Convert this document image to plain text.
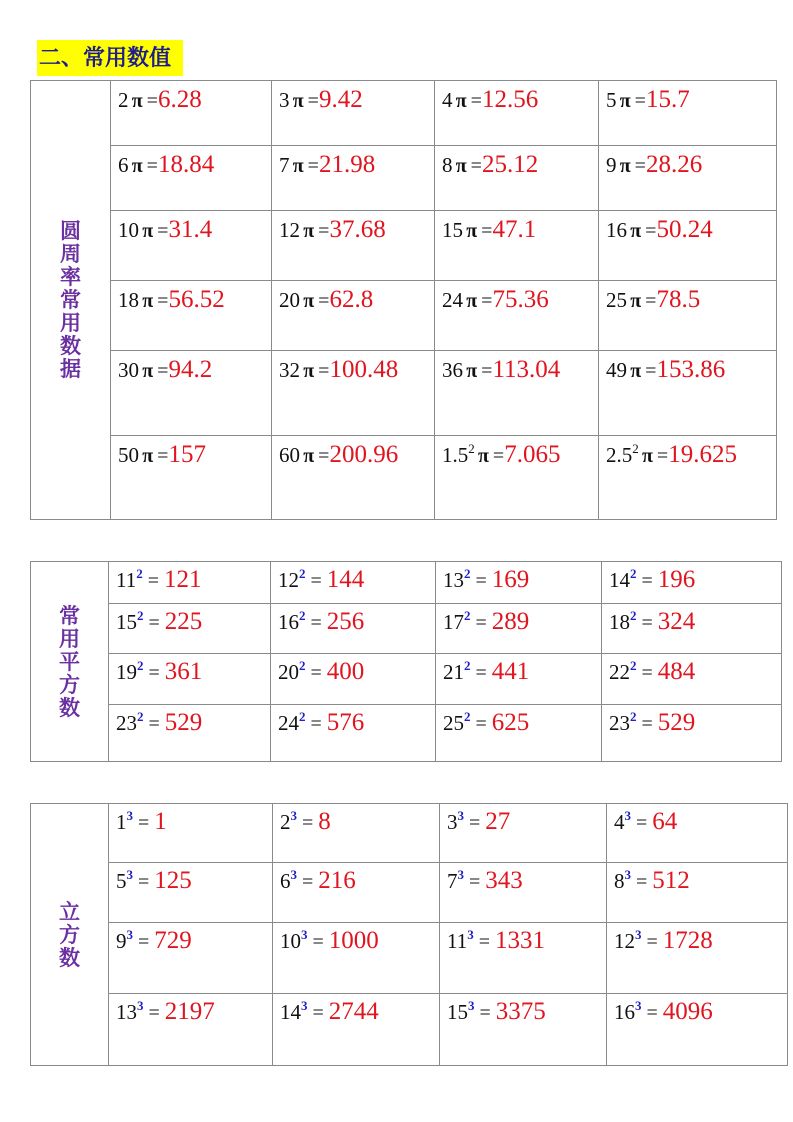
二、常用数值
圆周率常用数据	2  π =6.28	3  π =9.42	4  π =12.56	5  π =15.7

	6  π =18.84	7  π =21.98	8  π =25.12	9  π =28.26

	10  π =31.4	12  π =37.68	15  π =47.1	16  π =50.24

	18  π =56.52	20  π =62.8	24  π =75.36	25  π =78.5

	30  π =94.2	32  π =100.48	36  π =113.04	49  π =153.86

	50  π =157	60  π =200.96	$1.5^2$  π =7.065	$2.5^2$  π =19.625
常用平方数	$11^2 = 121$	$12^2 = 144$	$13^2 = 169$	$14^2 = 196$

	$15^2 = 225$	$16^2 = 256$	$17^2 = 289$	$18^2 = 324$

	$19^2 = 361$	$20^2 = 400$	$21^2 = 441$	$22^2 = 484$

	$23^2 = 529$	$24^2 = 576$	$25^2 = 625$	$23^2 = 529$
立方数	$1^3 = 1$	$2^3 = 8$	$3^3 = 27$	$4^3 = 64$

	$5^3 = 125$	$6^3 = 216$	$7^3 = 343$	$8^3 = 512$

	$9^3 = 729$	$10^3 = 1000$	$11^3 = 1331$	$12^3 = 1728$

	$13^3 = 2197$	$14^3 = 2744$	$15^3 = 3375$	$16^3 = 4096$
